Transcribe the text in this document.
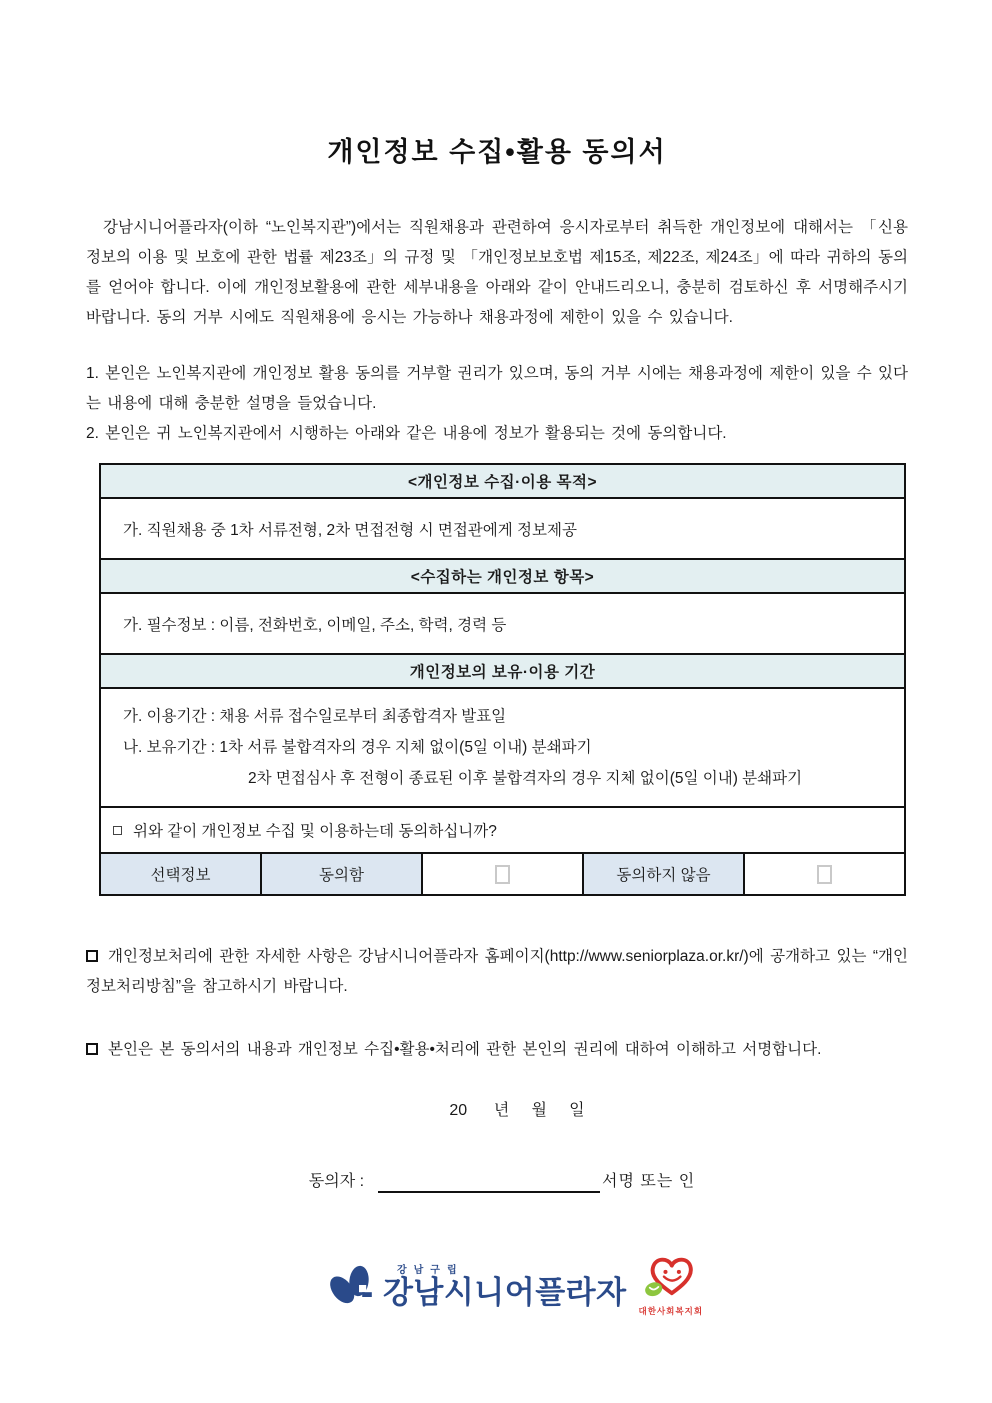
개인정보 수집•활용 동의서

강남시니어플라자(이하 “노인복지관”)에서는 직원채용과 관련하여 응시자로부터 취득한 개인정보에 대해서는 「신용정보의 이용 및 보호에 관한 법률 제23조」의 규정 및 「개인정보보호법 제15조, 제22조, 제24조」에 따라 귀하의 동의를 얻어야 합니다. 이에 개인정보활용에 관한 세부내용을 아래와 같이 안내드리오니, 충분히 검토하신 후 서명해주시기 바랍니다. 동의 거부 시에도 직원채용에 응시는 가능하나 채용과정에 제한이 있을 수 있습니다.

1. 본인은 노인복지관에 개인정보 활용 동의를 거부할 권리가 있으며, 동의 거부 시에는 채용과정에 제한이 있을 수 있다는 내용에 대해 충분한 설명을 들었습니다.

2. 본인은 귀 노인복지관에서 시행하는 아래와 같은 내용에 정보가 활용되는 것에 동의합니다.

<개인정보 수집·이용 목적>
가. 직원채용 중 1차 서류전형, 2차 면접전형 시 면접관에게 정보제공
<수집하는 개인정보 항목>
가. 필수정보 : 이름, 전화번호, 이메일, 주소, 학력, 경력 등
개인정보의 보유·이용 기간

가. 이용기간 : 채용 서류 접수일로부터 최종합격자 발표일
나. 보유기간 : 1차 서류 불합격자의 경우 지체 없이(5일 이내) 분쇄파기
2차 면접심사 후 전형이 종료된 이후 불합격자의 경우 지체 없이(5일 이내) 분쇄파기

위와 같이 개인정보 수집 및 이용하는데 동의하십니까?
선택정보	동의함		동의하지 않음	

개인정보처리에 관한 자세한 사항은 강남시니어플라자 홈페이지(http://www.seniorplaza.or.kr/)에 공개하고 있는 “개인정보처리방침”을 참고하시기 바랍니다.

본인은 본 동의서의 내용과 개인정보 수집•활용•처리에 관한 본인의 권리에 대하여 이해하고 서명합니다.

20      년     월     일
동의자 :	서명 또는 인
강남구립
강남시니어플라자
대한사회복지회
